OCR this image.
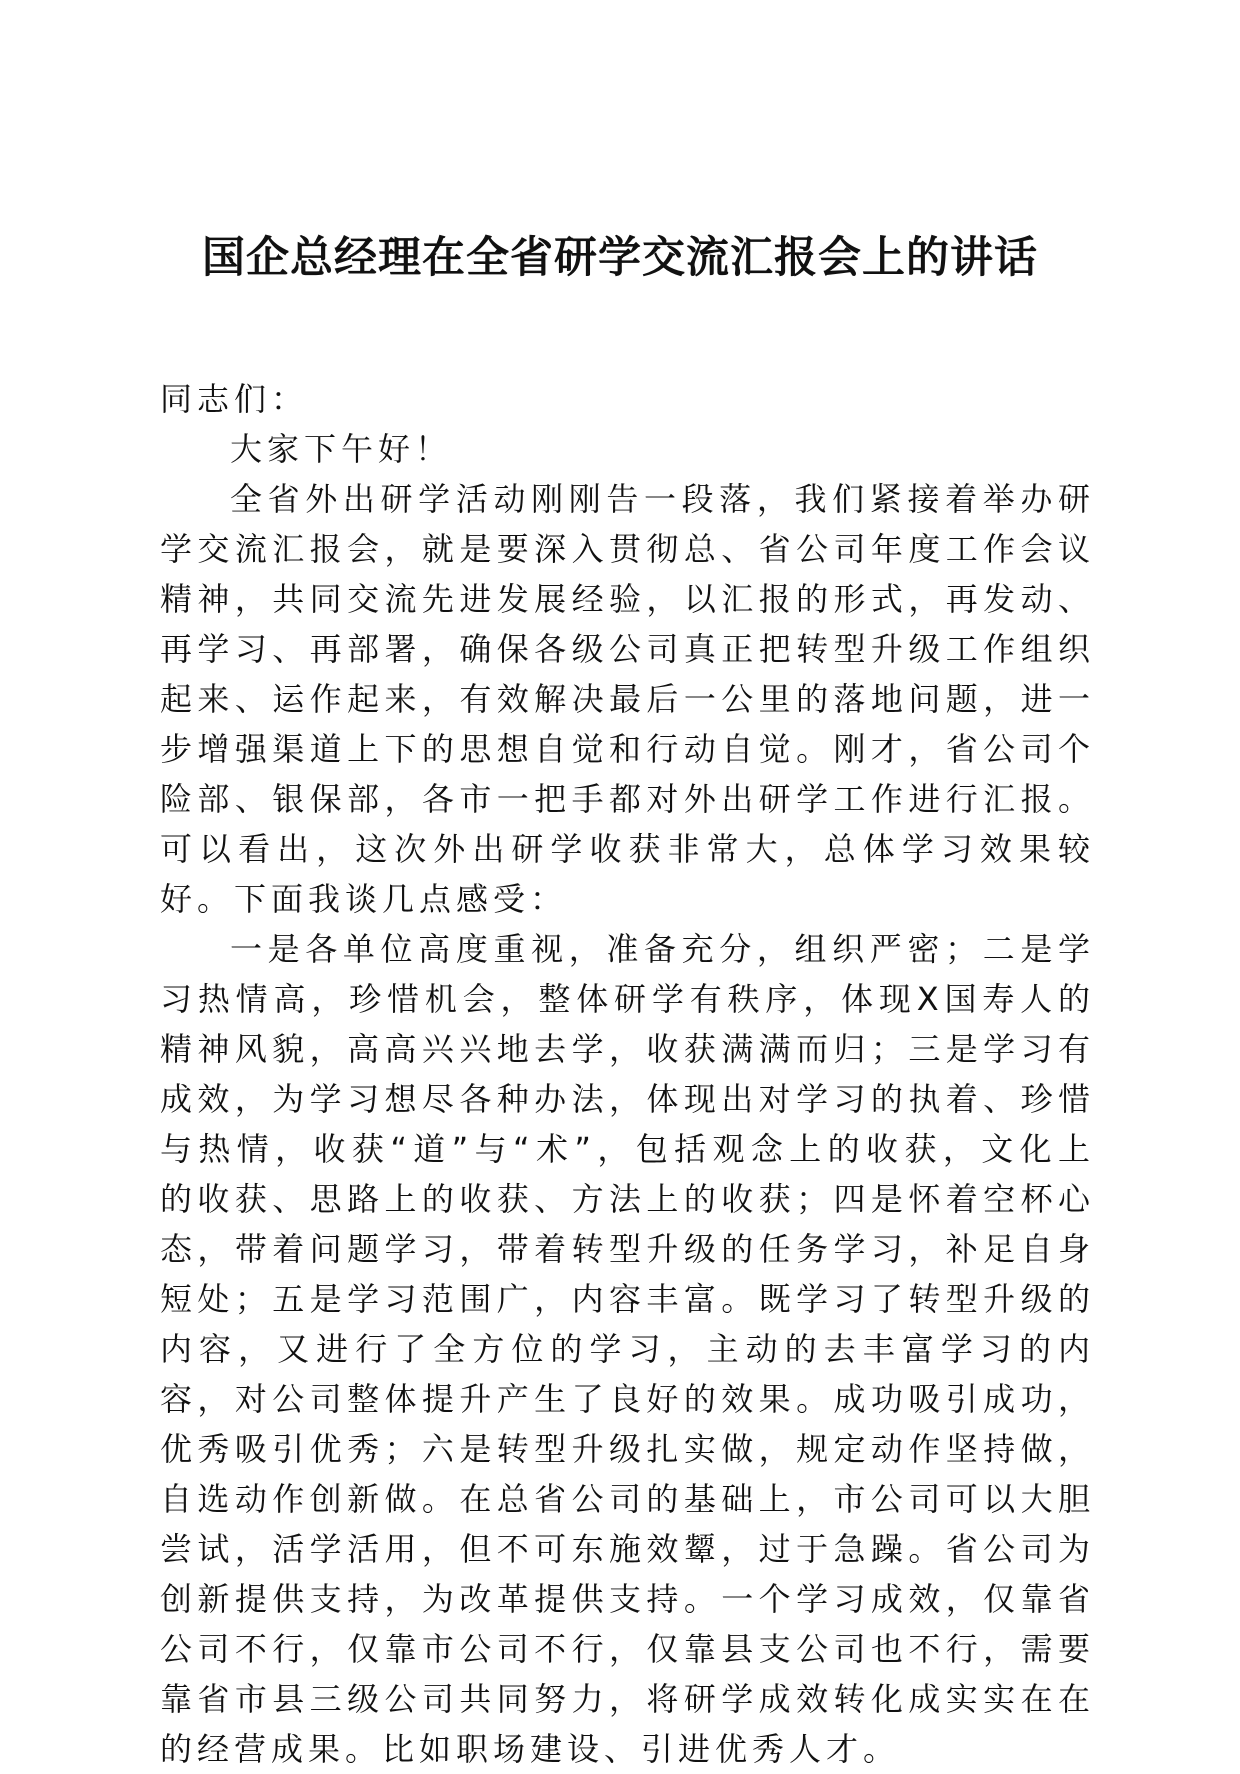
国企总经理在全省研学交流汇报会上的讲话

同志们：

大家下午好！

全省外出研学活动刚刚告一段落，我们紧接着举办研学交流汇报会，就是要深入贯彻总、省公司年度工作会议精神，共同交流先进发展经验，以汇报的形式，再发动、再学习、再部署，确保各级公司真正把转型升级工作组织起来、运作起来，有效解决最后一公里的落地问题，进一步增强渠道上下的思想自觉和行动自觉。刚才，省公司个险部、银保部，各市一把手都对外出研学工作进行汇报。可以看出，这次外出研学收获非常大，总体学习效果较好。下面我谈几点感受：

一是各单位高度重视，准备充分，组织严密；二是学习热情高，珍惜机会，整体研学有秩序，体现X国寿人的精神风貌，高高兴兴地去学，收获满满而归；三是学习有成效，为学习想尽各种办法，体现出对学习的执着、珍惜与热情，收获“道”与“术”，包括观念上的收获，文化上的收获、思路上的收获、方法上的收获；四是怀着空杯心态，带着问题学习，带着转型升级的任务学习，补足自身短处；五是学习范围广，内容丰富。既学习了转型升级的内容，又进行了全方位的学习，主动的去丰富学习的内容，对公司整体提升产生了良好的效果。成功吸引成功，优秀吸引优秀；六是转型升级扎实做，规定动作坚持做，自选动作创新做。在总省公司的基础上，市公司可以大胆尝试，活学活用，但不可东施效颦，过于急躁。省公司为创新提供支持，为改革提供支持。一个学习成效，仅靠省公司不行，仅靠市公司不行，仅靠县支公司也不行，需要靠省市县三级公司共同努力，将研学成效转化成实实在在的经营成果。比如职场建设、引进优秀人才。
